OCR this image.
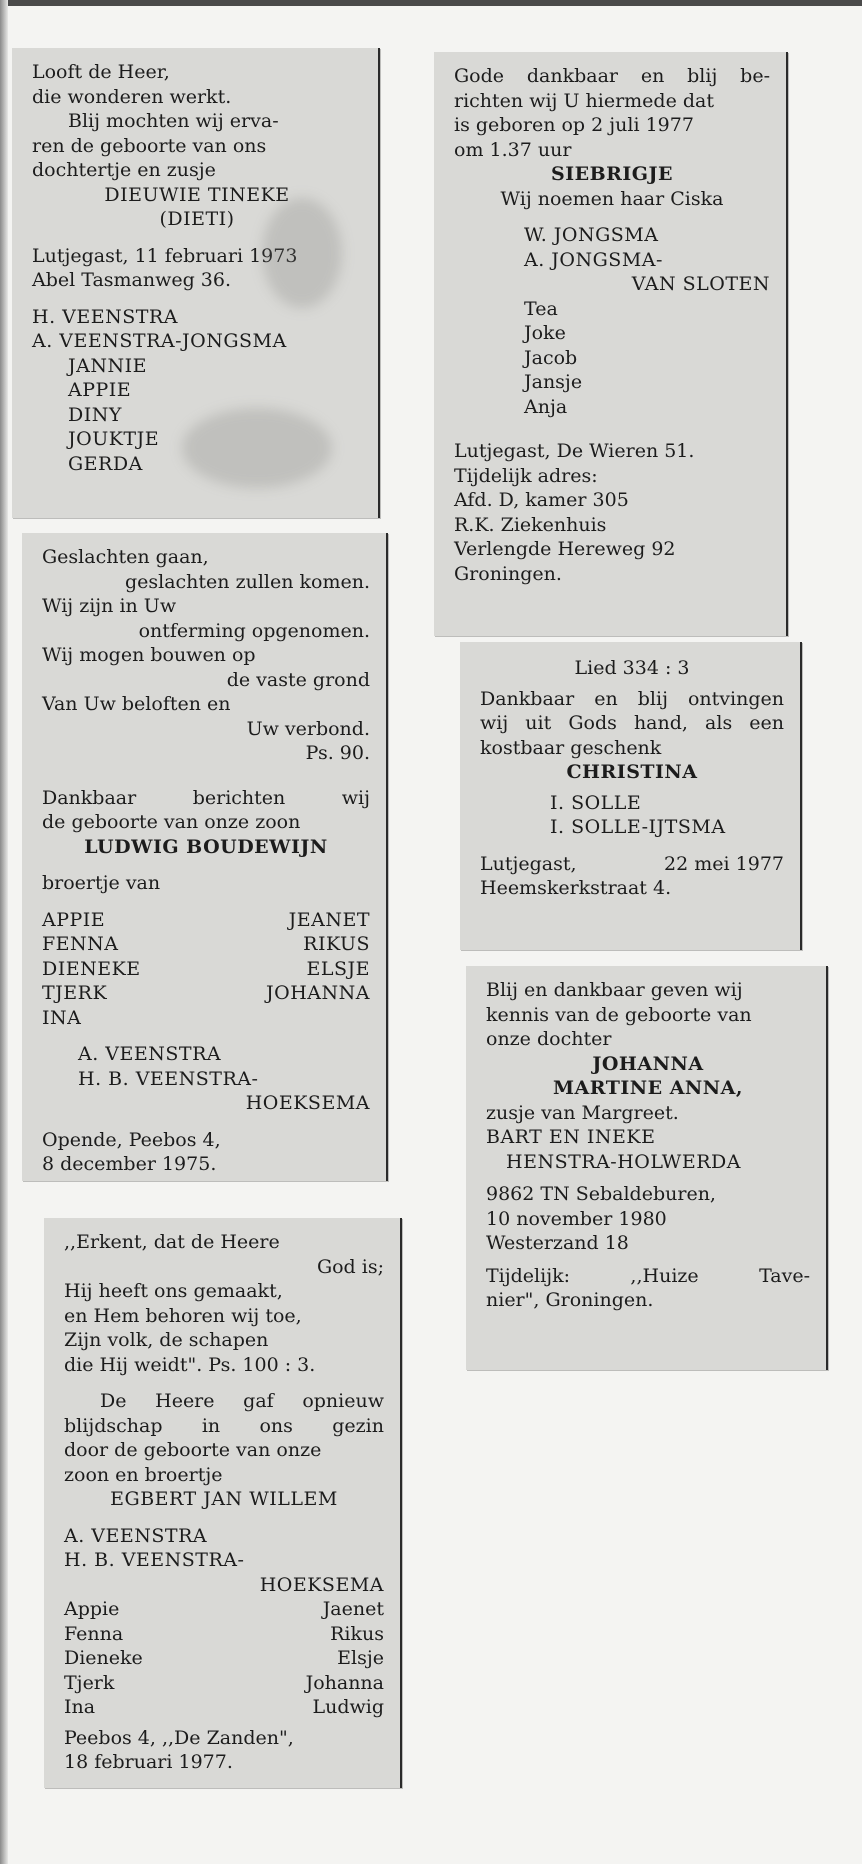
Looft de Heer,
die wonderen werkt.
Blij mochten wij erva-
ren de geboorte van ons
dochtertje en zusje
DIEUWIE TINEKE
(DIETI)
Lutjegast, 11 februari 1973
Abel Tasmanweg 36.
H. VEENSTRA
A. VEENSTRA-JONGSMA
JANNIE
APPIE
DINY
JOUKTJE
GERDA
Geslachten gaan,
geslachten zullen komen.
Wij zijn in Uw
ontferming opgenomen.
Wij mogen bouwen op
de vaste grond
Van Uw beloften en
Uw verbond.
Ps. 90.
Dankbaar berichten wij
de geboorte van onze zoon
LUDWIG BOUDEWIJN
broertje van
APPIE	JEANET
FENNA	RIKUS
DIENEKE	ELSJE
TJERK	JOHANNA
INA
A. VEENSTRA
H. B. VEENSTRA-
HOEKSEMA
Opende, Peebos 4,
8 december 1975.
,,Erkent, dat de Heere
God is;
Hij heeft ons gemaakt,
en Hem behoren wij toe,
Zijn volk, de schapen
die Hij weidt". Ps. 100 : 3.
De Heere gaf opnieuw
blijdschap in ons gezin
door de geboorte van onze
zoon en broertje
EGBERT JAN WILLEM
A. VEENSTRA
H. B. VEENSTRA-
HOEKSEMA
Appie	Jaenet
Fenna	Rikus
Dieneke	Elsje
Tjerk	Johanna
Ina	Ludwig
Peebos 4, ,,De Zanden",
18 februari 1977.
Gode dankbaar en blij be-
richten wij U hiermede dat
is geboren op 2 juli 1977
om 1.37 uur
SIEBRIGJE
Wij noemen haar Ciska
W. JONGSMA
A. JONGSMA-
VAN SLOTEN
Tea
Joke
Jacob
Jansje
Anja
Lutjegast, De Wieren 51.
Tijdelijk adres:
Afd. D, kamer 305
R.K. Ziekenhuis
Verlengde Hereweg 92
Groningen.
Lied 334 : 3
Dankbaar en blij ontvingen
wij uit Gods hand, als een
kostbaar geschenk
CHRISTINA
I. SOLLE
I. SOLLE-IJTSMA
Lutjegast,	22 mei 1977
Heemskerkstraat 4.
Blij en dankbaar geven wij
kennis van de geboorte van
onze dochter
JOHANNA
MARTINE ANNA,
zusje van Margreet.
BART EN INEKE
HENSTRA-HOLWERDA
9862 TN Sebaldeburen,
10 november 1980
Westerzand 18
Tijdelijk: ,,Huize Tave-
nier", Groningen.
